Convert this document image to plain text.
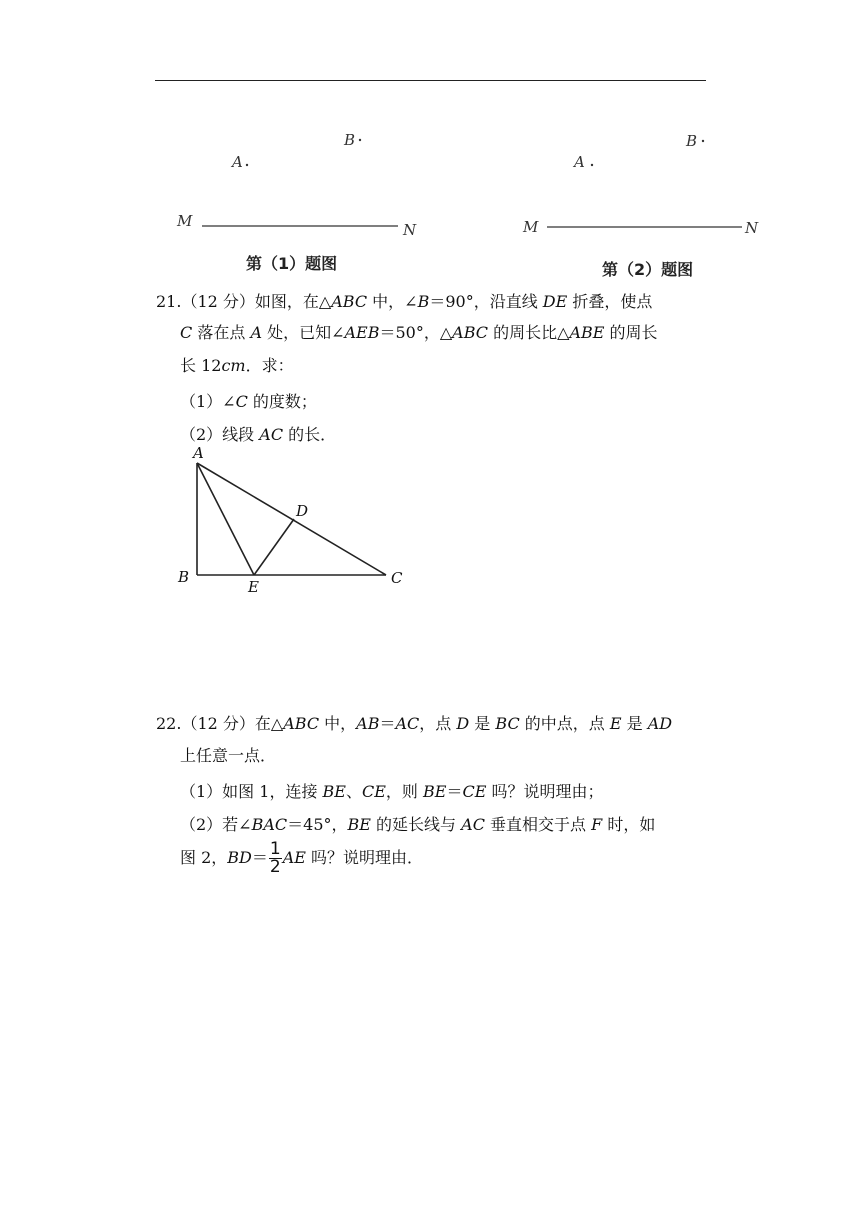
A
B
M	N
A
B
M	N
第（1）题图	第（2）题图
21.（12 分）如图，在△ABC 中，∠B＝90°，沿直线 DE 折叠，使点
C 落在点 A 处，已知∠AEB＝50°，△ABC 的周长比△ABE 的周长
长 12cm．求：
（1）∠C 的度数；
（2）线段 AC 的长．
A
B	C
D
E
22.（12 分）在△ABC 中，AB＝AC，点 D 是 BC 的中点，点 E 是 AD
上任意一点．
（1）如图 1，连接 BE、CE，则 BE＝CE 吗？说明理由；
（2）若∠BAC＝45°，BE 的延长线与 AC 垂直相交于点 F 时，如
图 2，$BD= \frac{1}{2}$ AE 吗？说明理由．
